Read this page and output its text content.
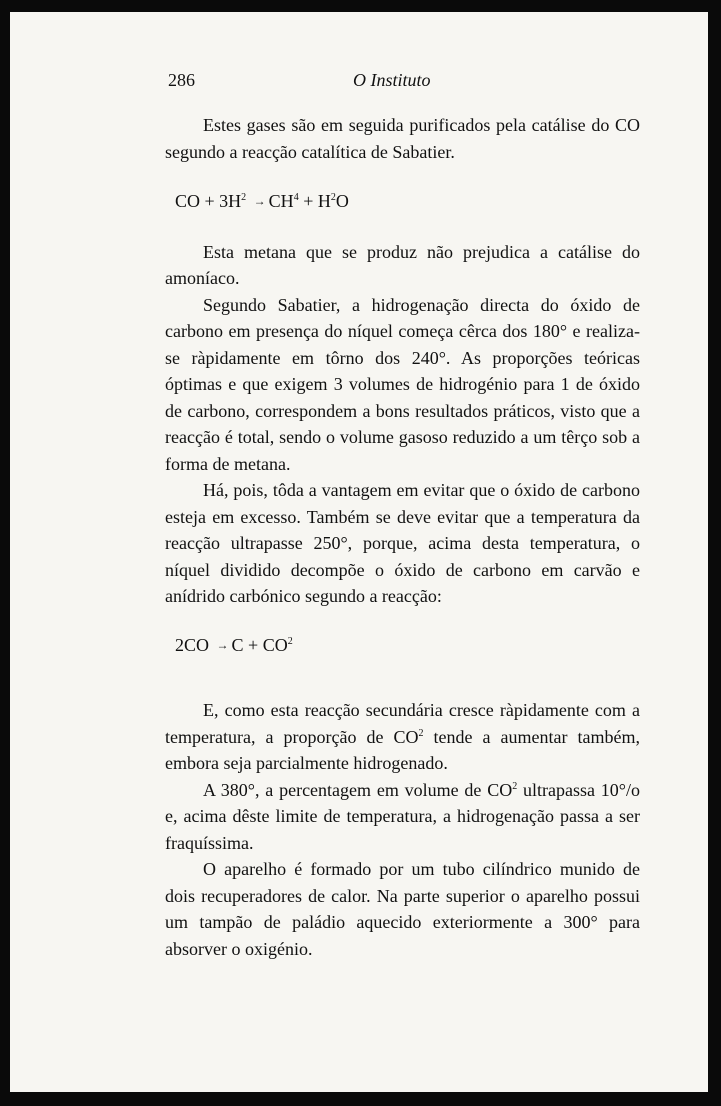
286	O Instituto

Estes gases são em seguida purificados pela catálise do CO segundo a reacção catalítica de Sabatier.

CO + $3H^2 \to CH^4 + H^2O$

Esta metana que se produz não prejudica a catálise do amoníaco.

Segundo Sabatier, a hidrogenação directa do óxido de carbono em presença do níquel começa cêrca dos 180° e realiza-se ràpidamente em tôrno dos 240°. As proporções teóricas óptimas e que exigem 3 volumes de hidrogénio para 1 de óxido de carbono, correspondem a bons resultados práticos, visto que a reacção é total, sendo o volume gasoso reduzido a um têrço sob a forma de metana.

Há, pois, tôda a vantagem em evitar que o óxido de carbono esteja em excesso. Também se deve evitar que a temperatura da reacção ultrapasse 250°, porque, acima desta temperatura, o níquel dividido decompõe o óxido de carbono em carvão e anídrido carbónico segundo a reacção:

$2CO \to C + CO^2$

E, como esta reacção secundária cresce ràpidamente com a temperatura, a proporção de $CO^2$ tende a aumentar também, embora seja parcialmente hidrogenado.

A 380°, a percentagem em volume de $CO^2$ ultrapassa 10°/o e, acima dêste limite de temperatura, a hidrogenação passa a ser fraquíssima.

O aparelho é formado por um tubo cilíndrico munido de dois recuperadores de calor. Na parte superior o aparelho possui um tampão de paládio aquecido exteriormente a 300° para absorver o oxigénio.
